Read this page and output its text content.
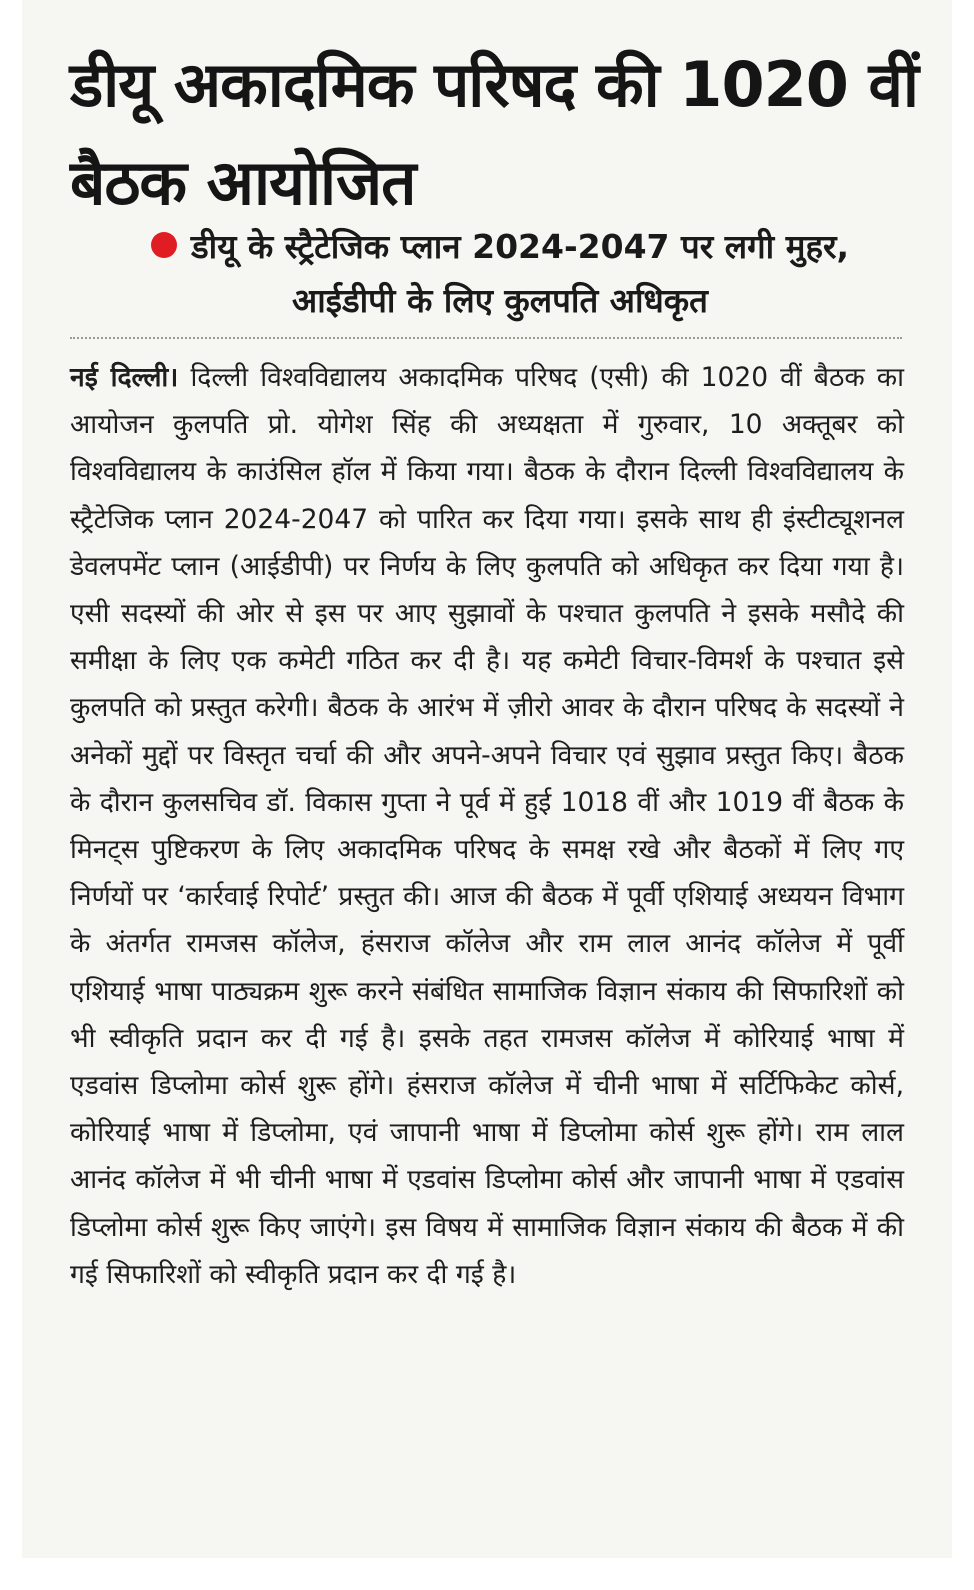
डीयू अकादमिक परिषद की 1020 वीं बैठक आयोजित
डीयू के स्ट्रैटेजिक प्लान 2024-2047 पर लगी मुहर, आईडीपी के लिए कुलपति अधिकृत

नई दिल्ली। दिल्ली विश्वविद्यालय अकादमिक परिषद (एसी) की 1020 वीं बैठक का आयोजन कुलपति प्रो. योगेश सिंह की अध्यक्षता में गुरुवार, 10 अक्तूबर को विश्वविद्यालय के काउंसिल हॉल में किया गया। बैठक के दौरान दिल्ली विश्वविद्यालय के स्ट्रैटेजिक प्लान 2024-2047 को पारित कर दिया गया। इसके साथ ही इंस्टीट्यूशनल डेवलपमेंट प्लान (आईडीपी) पर निर्णय के लिए कुलपति को अधिकृत कर दिया गया है। एसी सदस्यों की ओर से इस पर आए सुझावों के पश्चात कुलपति ने इसके मसौदे की समीक्षा के लिए एक कमेटी गठित कर दी है। यह कमेटी विचार-विमर्श के पश्चात इसे कुलपति को प्रस्तुत करेगी। बैठक के आरंभ में ज़ीरो आवर के दौरान परिषद के सदस्यों ने अनेकों मुद्दों पर विस्तृत चर्चा की और अपने-अपने विचार एवं सुझाव प्रस्तुत किए। बैठक के दौरान कुलसचिव डॉ. विकास गुप्ता ने पूर्व में हुई 1018 वीं और 1019 वीं बैठक के मिनट्स पुष्टिकरण के लिए अकादमिक परिषद के समक्ष रखे और बैठकों में लिए गए निर्णयों पर ‘कार्रवाई रिपोर्ट’ प्रस्तुत की। आज की बैठक में पूर्वी एशियाई अध्ययन विभाग के अंतर्गत रामजस कॉलेज, हंसराज कॉलेज और राम लाल आनंद कॉलेज में पूर्वी एशियाई भाषा पाठ्यक्रम शुरू करने संबंधित सामाजिक विज्ञान संकाय की सिफारिशों को भी स्वीकृति प्रदान कर दी गई है। इसके तहत रामजस कॉलेज में कोरियाई भाषा में एडवांस डिप्लोमा कोर्स शुरू होंगे। हंसराज कॉलेज में चीनी भाषा में सर्टिफिकेट कोर्स, कोरियाई भाषा में डिप्लोमा, एवं जापानी भाषा में डिप्लोमा कोर्स शुरू होंगे। राम लाल आनंद कॉलेज में भी चीनी भाषा में एडवांस डिप्लोमा कोर्स और जापानी भाषा में एडवांस डिप्लोमा कोर्स शुरू किए जाएंगे। इस विषय में सामाजिक विज्ञान संकाय की बैठक में की गई सिफारिशों को स्वीकृति प्रदान कर दी गई है।
